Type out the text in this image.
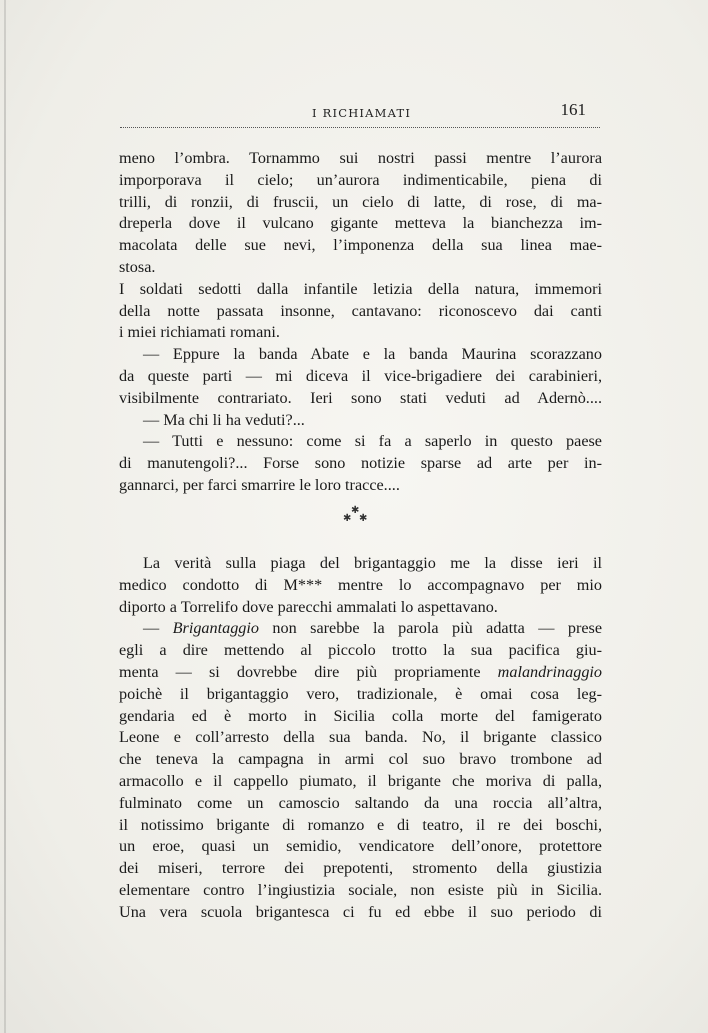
I RICHIAMATI	161
meno l’ombra. Tornammo sui nostri passi mentre l’aurora
imporporava il cielo; un’aurora indimenticabile, piena di
trilli, di ronzii, di fruscii, un cielo di latte, di rose, di ma-
dreperla dove il vulcano gigante metteva la bianchezza im-
macolata delle sue nevi, l’imponenza della sua linea mae-
stosa.
I soldati sedotti dalla infantile letizia della natura, immemori
della notte passata insonne, cantavano: riconoscevo dai canti
i miei richiamati romani.
— Eppure la banda Abate e la banda Maurina scorazzano
da queste parti — mi diceva il vice-brigadiere dei carabinieri,
visibilmente contrariato. Ieri sono stati veduti ad Adernò....
— Ma chi li ha veduti?...
— Tutti e nessuno: come si fa a saperlo in questo paese
di manutengoli?... Forse sono notizie sparse ad arte per in-
gannarci, per farci smarrire le loro tracce....
✱
✱ ✱
La verità sulla piaga del brigantaggio me la disse ieri il
medico condotto di M*** mentre lo accompagnavo per mio
diporto a Torrelifo dove parecchi ammalati lo aspettavano.
— Brigantaggio non sarebbe la parola più adatta — prese
egli a dire mettendo al piccolo trotto la sua pacifica giu-
menta — si dovrebbe dire più propriamente malandrinaggio
poichè il brigantaggio vero, tradizionale, è omai cosa leg-
gendaria ed è morto in Sicilia colla morte del famigerato
Leone e coll’arresto della sua banda. No, il brigante classico
che teneva la campagna in armi col suo bravo trombone ad
armacollo e il cappello piumato, il brigante che moriva di palla,
fulminato come un camoscio saltando da una roccia all’altra,
il notissimo brigante di romanzo e di teatro, il re dei boschi,
un eroe, quasi un semidio, vendicatore dell’onore, protettore
dei miseri, terrore dei prepotenti, stromento della giustizia
elementare contro l’ingiustizia sociale, non esiste più in Sicilia.
Una vera scuola brigantesca ci fu ed ebbe il suo periodo di
